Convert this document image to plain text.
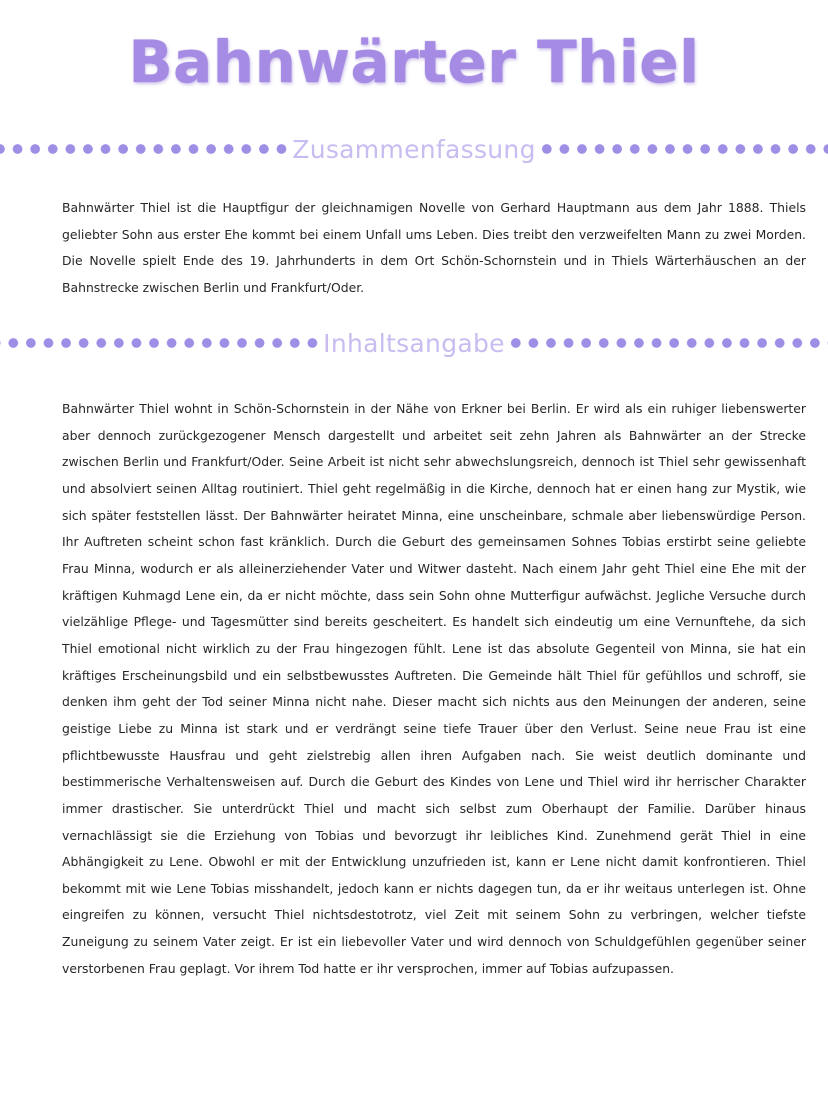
Bahnwärter Thiel
Zusammenfassung

Bahnwärter Thiel ist die Hauptfigur der gleichnamigen Novelle von Gerhard Hauptmann aus dem Jahr 1888. Thiels geliebter Sohn aus erster Ehe kommt bei einem Unfall ums Leben. Dies treibt den verzweifelten Mann zu zwei Morden. Die Novelle spielt Ende des 19. Jahrhunderts in dem Ort Schön-Schornstein und in Thiels Wärterhäuschen an der Bahnstrecke zwischen Berlin und Frankfurt/Oder.

Inhaltsangabe

Bahnwärter Thiel wohnt in Schön-Schornstein in der Nähe von Erkner bei Berlin. Er wird als ein ruhiger liebenswerter aber dennoch zurückgezogener Mensch dargestellt und arbeitet seit zehn Jahren als Bahnwärter an der Strecke zwischen Berlin und Frankfurt/Oder. Seine Arbeit ist nicht sehr abwechslungsreich, dennoch ist Thiel sehr gewissenhaft und absolviert seinen Alltag routiniert. Thiel geht regelmäßig in die Kirche, dennoch hat er einen hang zur Mystik, wie sich später feststellen lässt. Der Bahnwärter heiratet Minna, eine unscheinbare, schmale aber liebenswürdige Person. Ihr Auftreten scheint schon fast kränklich. Durch die Geburt des gemeinsamen Sohnes Tobias erstirbt seine geliebte Frau Minna, wodurch er als alleinerziehender Vater und Witwer dasteht. Nach einem Jahr geht Thiel eine Ehe mit der kräftigen Kuhmagd Lene ein, da er nicht möchte, dass sein Sohn ohne Mutterfigur aufwächst. Jegliche Versuche durch vielzählige Pflege- und Tagesmütter sind bereits gescheitert. Es handelt sich eindeutig um eine Vernunftehe, da sich Thiel emotional nicht wirklich zu der Frau hingezogen fühlt. Lene ist das absolute Gegenteil von Minna, sie hat ein kräftiges Erscheinungsbild und ein selbstbewusstes Auftreten. Die Gemeinde hält Thiel für gefühllos und schroff, sie denken ihm geht der Tod seiner Minna nicht nahe. Dieser macht sich nichts aus den Meinungen der anderen, seine geistige Liebe zu Minna ist stark und er verdrängt seine tiefe Trauer über den Verlust. Seine neue Frau ist eine pflichtbewusste Hausfrau und geht zielstrebig allen ihren Aufgaben nach. Sie weist deutlich dominante und bestimmerische Verhaltensweisen auf. Durch die Geburt des Kindes von Lene und Thiel wird ihr herrischer Charakter immer drastischer. Sie unterdrückt Thiel und macht sich selbst zum Oberhaupt der Familie. Darüber hinaus vernachlässigt sie die Erziehung von Tobias und bevorzugt ihr leibliches Kind. Zunehmend gerät Thiel in eine Abhängigkeit zu Lene. Obwohl er mit der Entwicklung unzufrieden ist, kann er Lene nicht damit konfrontieren. Thiel bekommt mit wie Lene Tobias misshandelt, jedoch kann er nichts dagegen tun, da er ihr weitaus unterlegen ist. Ohne eingreifen zu können, versucht Thiel nichtsdestotrotz, viel Zeit mit seinem Sohn zu verbringen, welcher tiefste Zuneigung zu seinem Vater zeigt. Er ist ein liebevoller Vater und wird dennoch von Schuldgefühlen gegenüber seiner verstorbenen Frau geplagt. Vor ihrem Tod hatte er ihr versprochen, immer auf Tobias aufzupassen.
